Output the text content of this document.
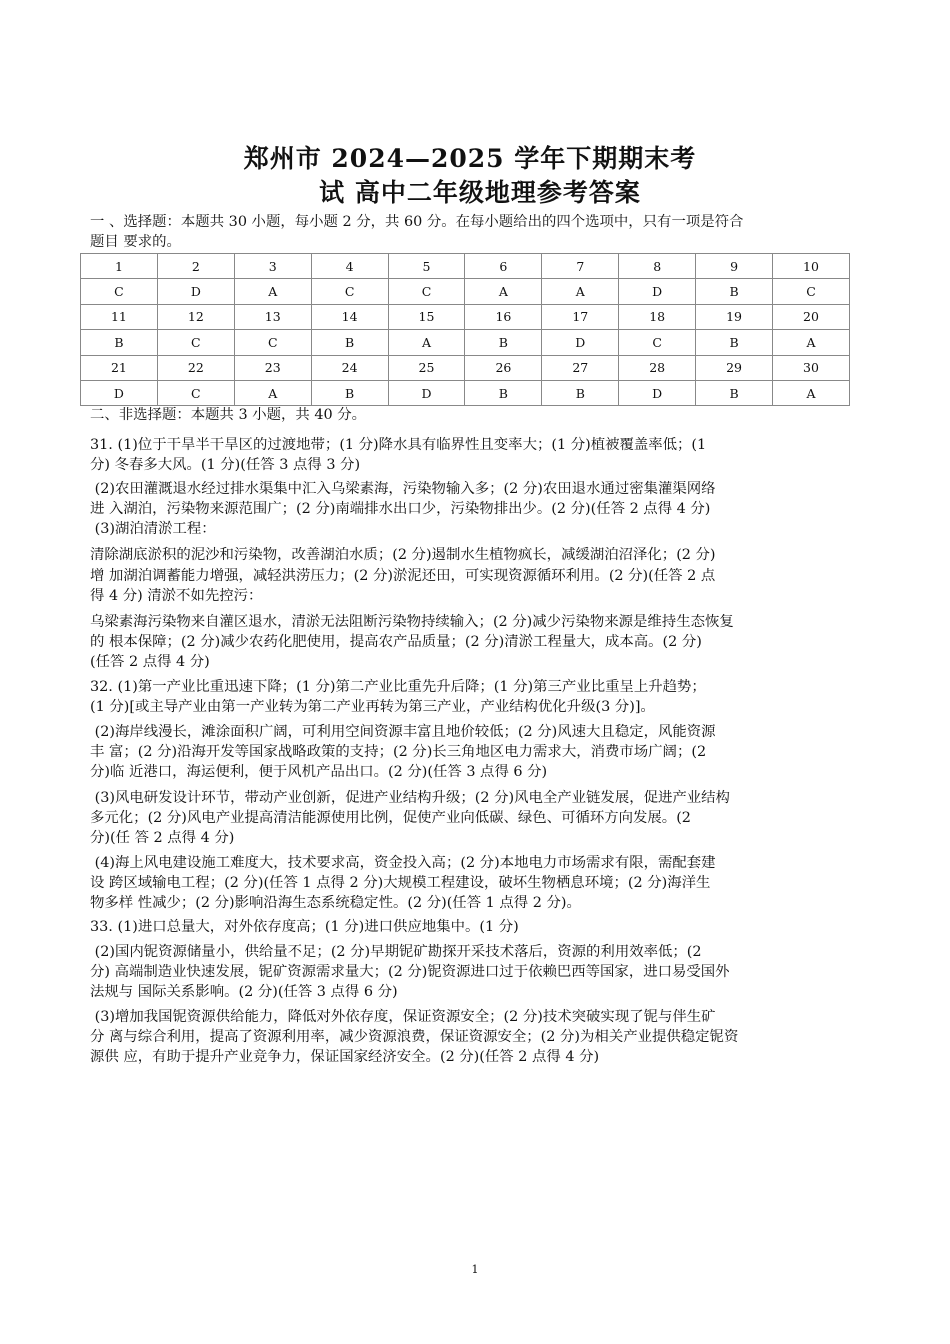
郑州市 2024—2025 学年下期期末考
试 高中二年级地理参考答案
一 、选择题：本题共 30 小题，每小题 2 分，共 60 分。在每小题给出的四个选项中，只有一项是符合
题目 要求的。
1	2	3	4	5	6	7	8	9	10
C	D	A	C	C	A	A	D	B	C
11	12	13	14	15	16	17	18	19	20
B	C	C	B	A	B	D	C	B	A
21	22	23	24	25	26	27	28	29	30
D	C	A	B	D	B	B	D	B	A
二、非选择题：本题共 3 小题，共 40 分。
31. (1)位于干旱半干旱区的过渡地带；(1 分)降水具有临界性且变率大；(1 分)植被覆盖率低；(1
分) 冬春多大风。(1 分)(任答 3 点得 3 分)
(2)农田灌溉退水经过排水渠集中汇入乌梁素海，污染物输入多；(2 分)农田退水通过密集灌渠网络
进 入湖泊，污染物来源范围广；(2 分)南端排水出口少，污染物排出少。(2 分)(任答 2 点得 4 分)
(3)湖泊清淤工程：
清除湖底淤积的泥沙和污染物，改善湖泊水质；(2 分)遏制水生植物疯长，减缓湖泊沼泽化；(2 分)
增 加湖泊调蓄能力增强，减轻洪涝压力；(2 分)淤泥还田，可实现资源循环利用。(2 分)(任答 2 点
得 4 分) 清淤不如先控污：
乌梁素海污染物来自灌区退水，清淤无法阻断污染物持续输入；(2 分)减少污染物来源是维持生态恢复
的 根本保障；(2 分)减少农药化肥使用，提高农产品质量；(2 分)清淤工程量大，成本高。(2 分)
(任答 2 点得 4 分)
32. (1)第一产业比重迅速下降；(1 分)第二产业比重先升后降；(1 分)第三产业比重呈上升趋势；
(1 分)[或主导产业由第一产业转为第二产业再转为第三产业，产业结构优化升级(3 分)]。
(2)海岸线漫长，滩涂面积广阔，可利用空间资源丰富且地价较低；(2 分)风速大且稳定，风能资源
丰 富；(2 分)沿海开发等国家战略政策的支持；(2 分)长三角地区电力需求大，消费市场广阔；(2
分)临 近港口，海运便利，便于风机产品出口。(2 分)(任答 3 点得 6 分)
(3)风电研发设计环节，带动产业创新，促进产业结构升级；(2 分)风电全产业链发展，促进产业结构
多元化；(2 分)风电产业提高清洁能源使用比例，促使产业向低碳、绿色、可循环方向发展。(2
分)(任 答 2 点得 4 分)
(4)海上风电建设施工难度大，技术要求高，资金投入高；(2 分)本地电力市场需求有限，需配套建
设 跨区域输电工程；(2 分)(任答 1 点得 2 分)大规模工程建设，破坏生物栖息环境；(2 分)海洋生
物多样 性减少；(2 分)影响沿海生态系统稳定性。(2 分)(任答 1 点得 2 分)。
33. (1)进口总量大，对外依存度高；(1 分)进口供应地集中。(1 分)
(2)国内铌资源储量小，供给量不足；(2 分)早期铌矿勘探开采技术落后，资源的利用效率低；(2
分) 高端制造业快速发展，铌矿资源需求量大；(2 分)铌资源进口过于依赖巴西等国家，进口易受国外
法规与 国际关系影响。(2 分)(任答 3 点得 6 分)
(3)增加我国铌资源供给能力，降低对外依存度，保证资源安全；(2 分)技术突破实现了铌与伴生矿
分 离与综合利用，提高了资源利用率，减少资源浪费，保证资源安全；(2 分)为相关产业提供稳定铌资
源供 应，有助于提升产业竞争力，保证国家经济安全。(2 分)(任答 2 点得 4 分)
1
